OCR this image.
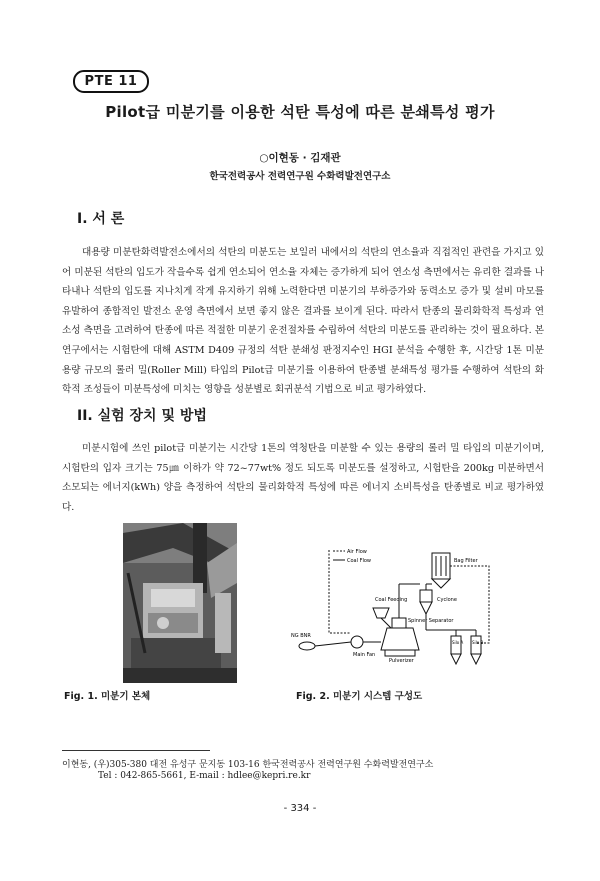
PTE 11
Pilot급 미분기를 이용한 석탄 특성에 따른 분쇄특성 평가
○이현동 · 김재관
한국전력공사 전력연구원 수화력발전연구소
I. 서 론

대용량 미분탄화력발전소에서의 석탄의 미분도는 보일러 내에서의 석탄의 연소율과 직접적인 관련을 가지고 있어 미분된 석탄의 입도가 작을수록 쉽게 연소되어 연소율 자체는 증가하게 되어 연소성 측면에서는 유리한 결과를 나타내나 석탄의 입도를 지나치게 작게 유지하기 위해 노력한다면 미분기의 부하증가와 동력소모 증가 및 설비 마모를 유발하여 종합적인 발전소 운영 측면에서 보면 좋지 않은 결과를 보이게 된다. 따라서 탄종의 물리화학적 특성과 연소성 측면을 고려하여 탄종에 따른 적절한 미분기 운전절차를 수립하여 석탄의 미분도를 관리하는 것이 필요하다. 본 연구에서는 시험탄에 대해 ASTM D409 규정의 석탄 분쇄성 판정지수인 HGI 분석을 수행한 후, 시간당 1톤 미분용량 규모의 롤러 밀(Roller Mill) 타입의 Pilot급 미분기를 이용하여 탄종별 분쇄특성 평가를 수행하여 석탄의 화학적 조성들이 미분특성에 미치는 영향을 성분별로 회귀분석 기법으로 비교 평가하였다.

II. 실험 장치 및 방법

미분시험에 쓰인 pilot급 미분기는 시간당 1톤의 역청탄을 미분할 수 있는 용량의 롤러 밀 타입의 미분기이며, 시험탄의 입자 크기는 75㎛ 이하가 약 72~77wt% 정도 되도록 미분도를 설정하고, 시험탄을 200kg 미분하면서 소모되는 에너지(kWh) 양을 측정하여 석탄의 물리화학적 특성에 따른 에너지 소비특성을 탄종별로 비교 평가하였다.

Air Flow
Coal Flow	Bag Filter
Cyclone
Coal Feeding
Spinner Separator
Pulverizer
Silo A Silo B
Main Fan
NG BNR
Fig. 1. 미분기 본체	Fig. 2. 미분기 시스템 구성도
이현동, (우)305-380 대전 유성구 문지동 103-16 한국전력공사 전력연구원 수화력발전연구소
Tel : 042-865-5661, E-mail : hdlee@kepri.re.kr
- 334 -
